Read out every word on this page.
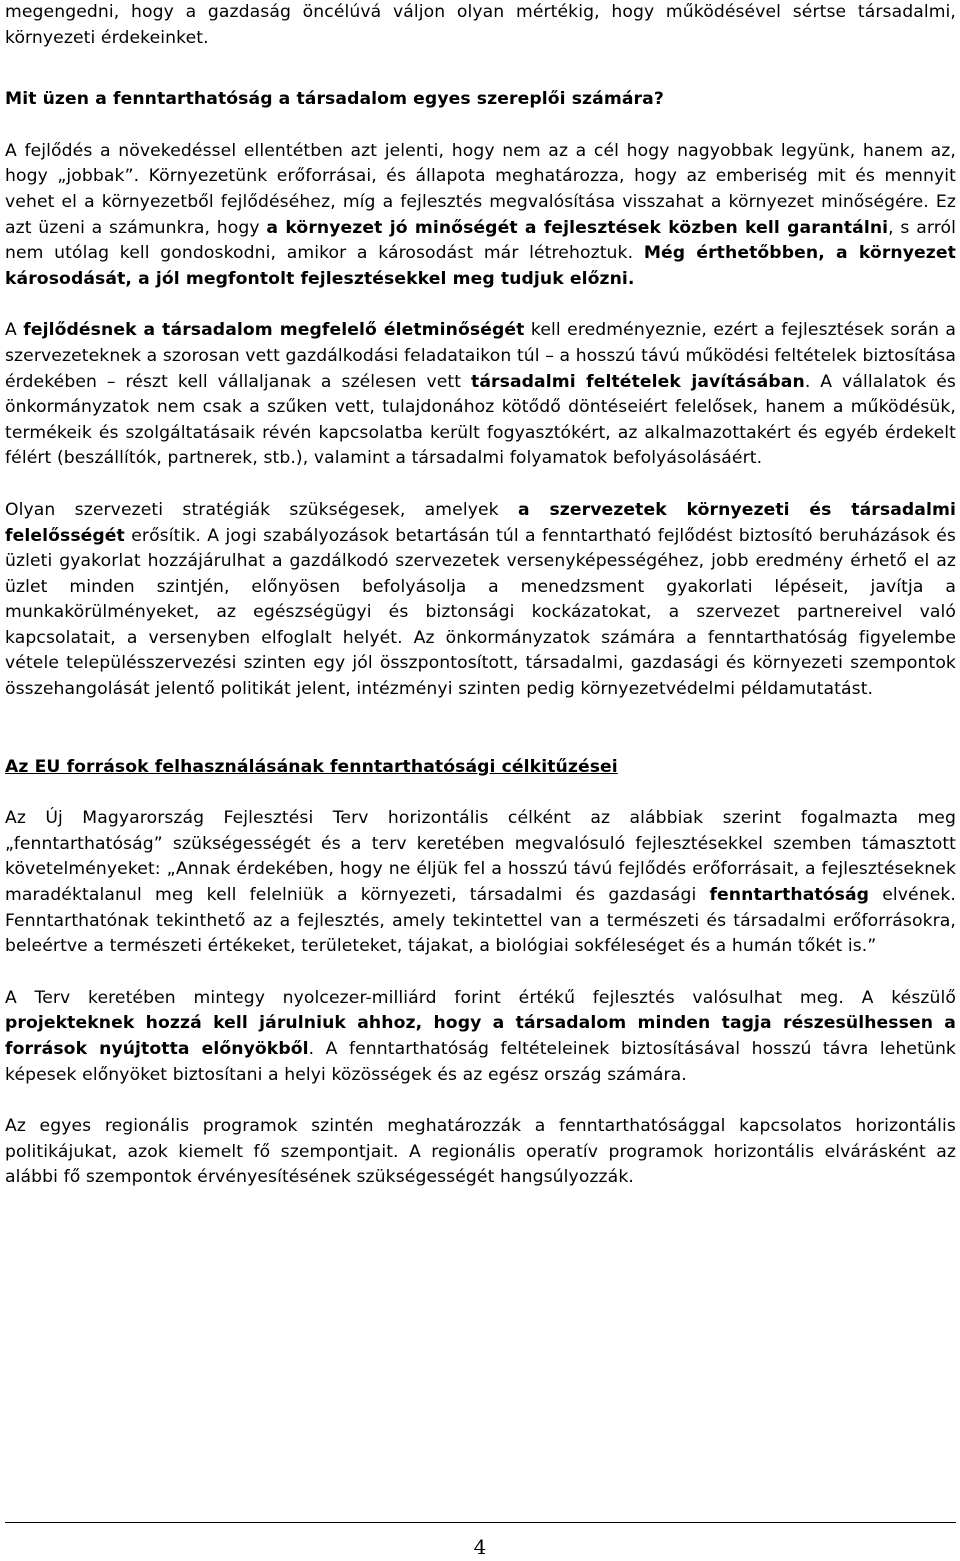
megengedni, hogy a gazdaság öncélúvá váljon olyan mértékig, hogy működésével sértse társadalmi, környezeti érdekeinket.

Mit üzen a fenntarthatóság a társadalom egyes szereplői számára?

A fejlődés a növekedéssel ellentétben azt jelenti, hogy nem az a cél hogy nagyobbak legyünk, hanem az, hogy „jobbak”. Környezetünk erőforrásai, és állapota meghatározza, hogy az emberiség mit és mennyit vehet el a környezetből fejlődéséhez, míg a fejlesztés megvalósítása visszahat a környezet minőségére. Ez azt üzeni a számunkra, hogy a környezet jó minőségét a fejlesztések közben kell garantálni, s arról nem utólag kell gondoskodni, amikor a károsodást már létrehoztuk. Még érthetőbben, a környezet károsodását, a jól megfontolt fejlesztésekkel meg tudjuk előzni.

A fejlődésnek a társadalom megfelelő életminőségét kell eredményeznie, ezért a fejlesztések során a szervezeteknek a szorosan vett gazdálkodási feladataikon túl – a hosszú távú működési feltételek biztosítása érdekében – részt kell vállaljanak a szélesen vett társadalmi feltételek javításában. A vállalatok és önkormányzatok nem csak a szűken vett, tulajdonához kötődő döntéseiért felelősek, hanem a működésük, termékeik és szolgáltatásaik révén kapcsolatba került fogyasztókért, az alkalmazottakért és egyéb érdekelt félért (beszállítók, partnerek, stb.), valamint a társadalmi folyamatok befolyásolásáért.

Olyan szervezeti stratégiák szükségesek, amelyek a szervezetek környezeti és társadalmi felelősségét erősítik. A jogi szabályozások betartásán túl a fenntartható fejlődést biztosító beruházások és üzleti gyakorlat hozzájárulhat a gazdálkodó szervezetek versenyképességéhez, jobb eredmény érhető el az üzlet minden szintjén, előnyösen befolyásolja a menedzsment gyakorlati lépéseit, javítja a munkakörülményeket, az egészségügyi és biztonsági kockázatokat, a szervezet partnereivel való kapcsolatait, a versenyben elfoglalt helyét. Az önkormányzatok számára a fenntarthatóság figyelembe vétele településszervezési szinten egy jól összpontosított, társadalmi, gazdasági és környezeti szempontok összehangolását jelentő politikát jelent, intézményi szinten pedig környezetvédelmi példamutatást.

Az EU források felhasználásának fenntarthatósági célkitűzései

Az Új Magyarország Fejlesztési Terv horizontális célként az alábbiak szerint fogalmazta meg „fenntarthatóság” szükségességét és a terv keretében megvalósuló fejlesztésekkel szemben támasztott követelményeket: „Annak érdekében, hogy ne éljük fel a hosszú távú fejlődés erőforrásait, a fejlesztéseknek maradéktalanul meg kell felelniük a környezeti, társadalmi és gazdasági fenntarthatóság elvének. Fenntarthatónak tekinthető az a fejlesztés, amely tekintettel van a természeti és társadalmi erőforrásokra, beleértve a természeti értékeket, területeket, tájakat, a biológiai sokféleséget és a humán tőkét is.”

A Terv keretében mintegy nyolcezer-milliárd forint értékű fejlesztés valósulhat meg. A készülő projekteknek hozzá kell járulniuk ahhoz, hogy a társadalom minden tagja részesülhessen a források nyújtotta előnyökből. A fenntarthatóság feltételeinek biztosításával hosszú távra lehetünk képesek előnyöket biztosítani a helyi közösségek és az egész ország számára.

Az egyes regionális programok szintén meghatározzák a fenntarthatósággal kapcsolatos horizontális politikájukat, azok kiemelt fő szempontjait. A regionális operatív programok horizontális elvárásként az alábbi fő szempontok érvényesítésének szükségességét hangsúlyozzák.

4
